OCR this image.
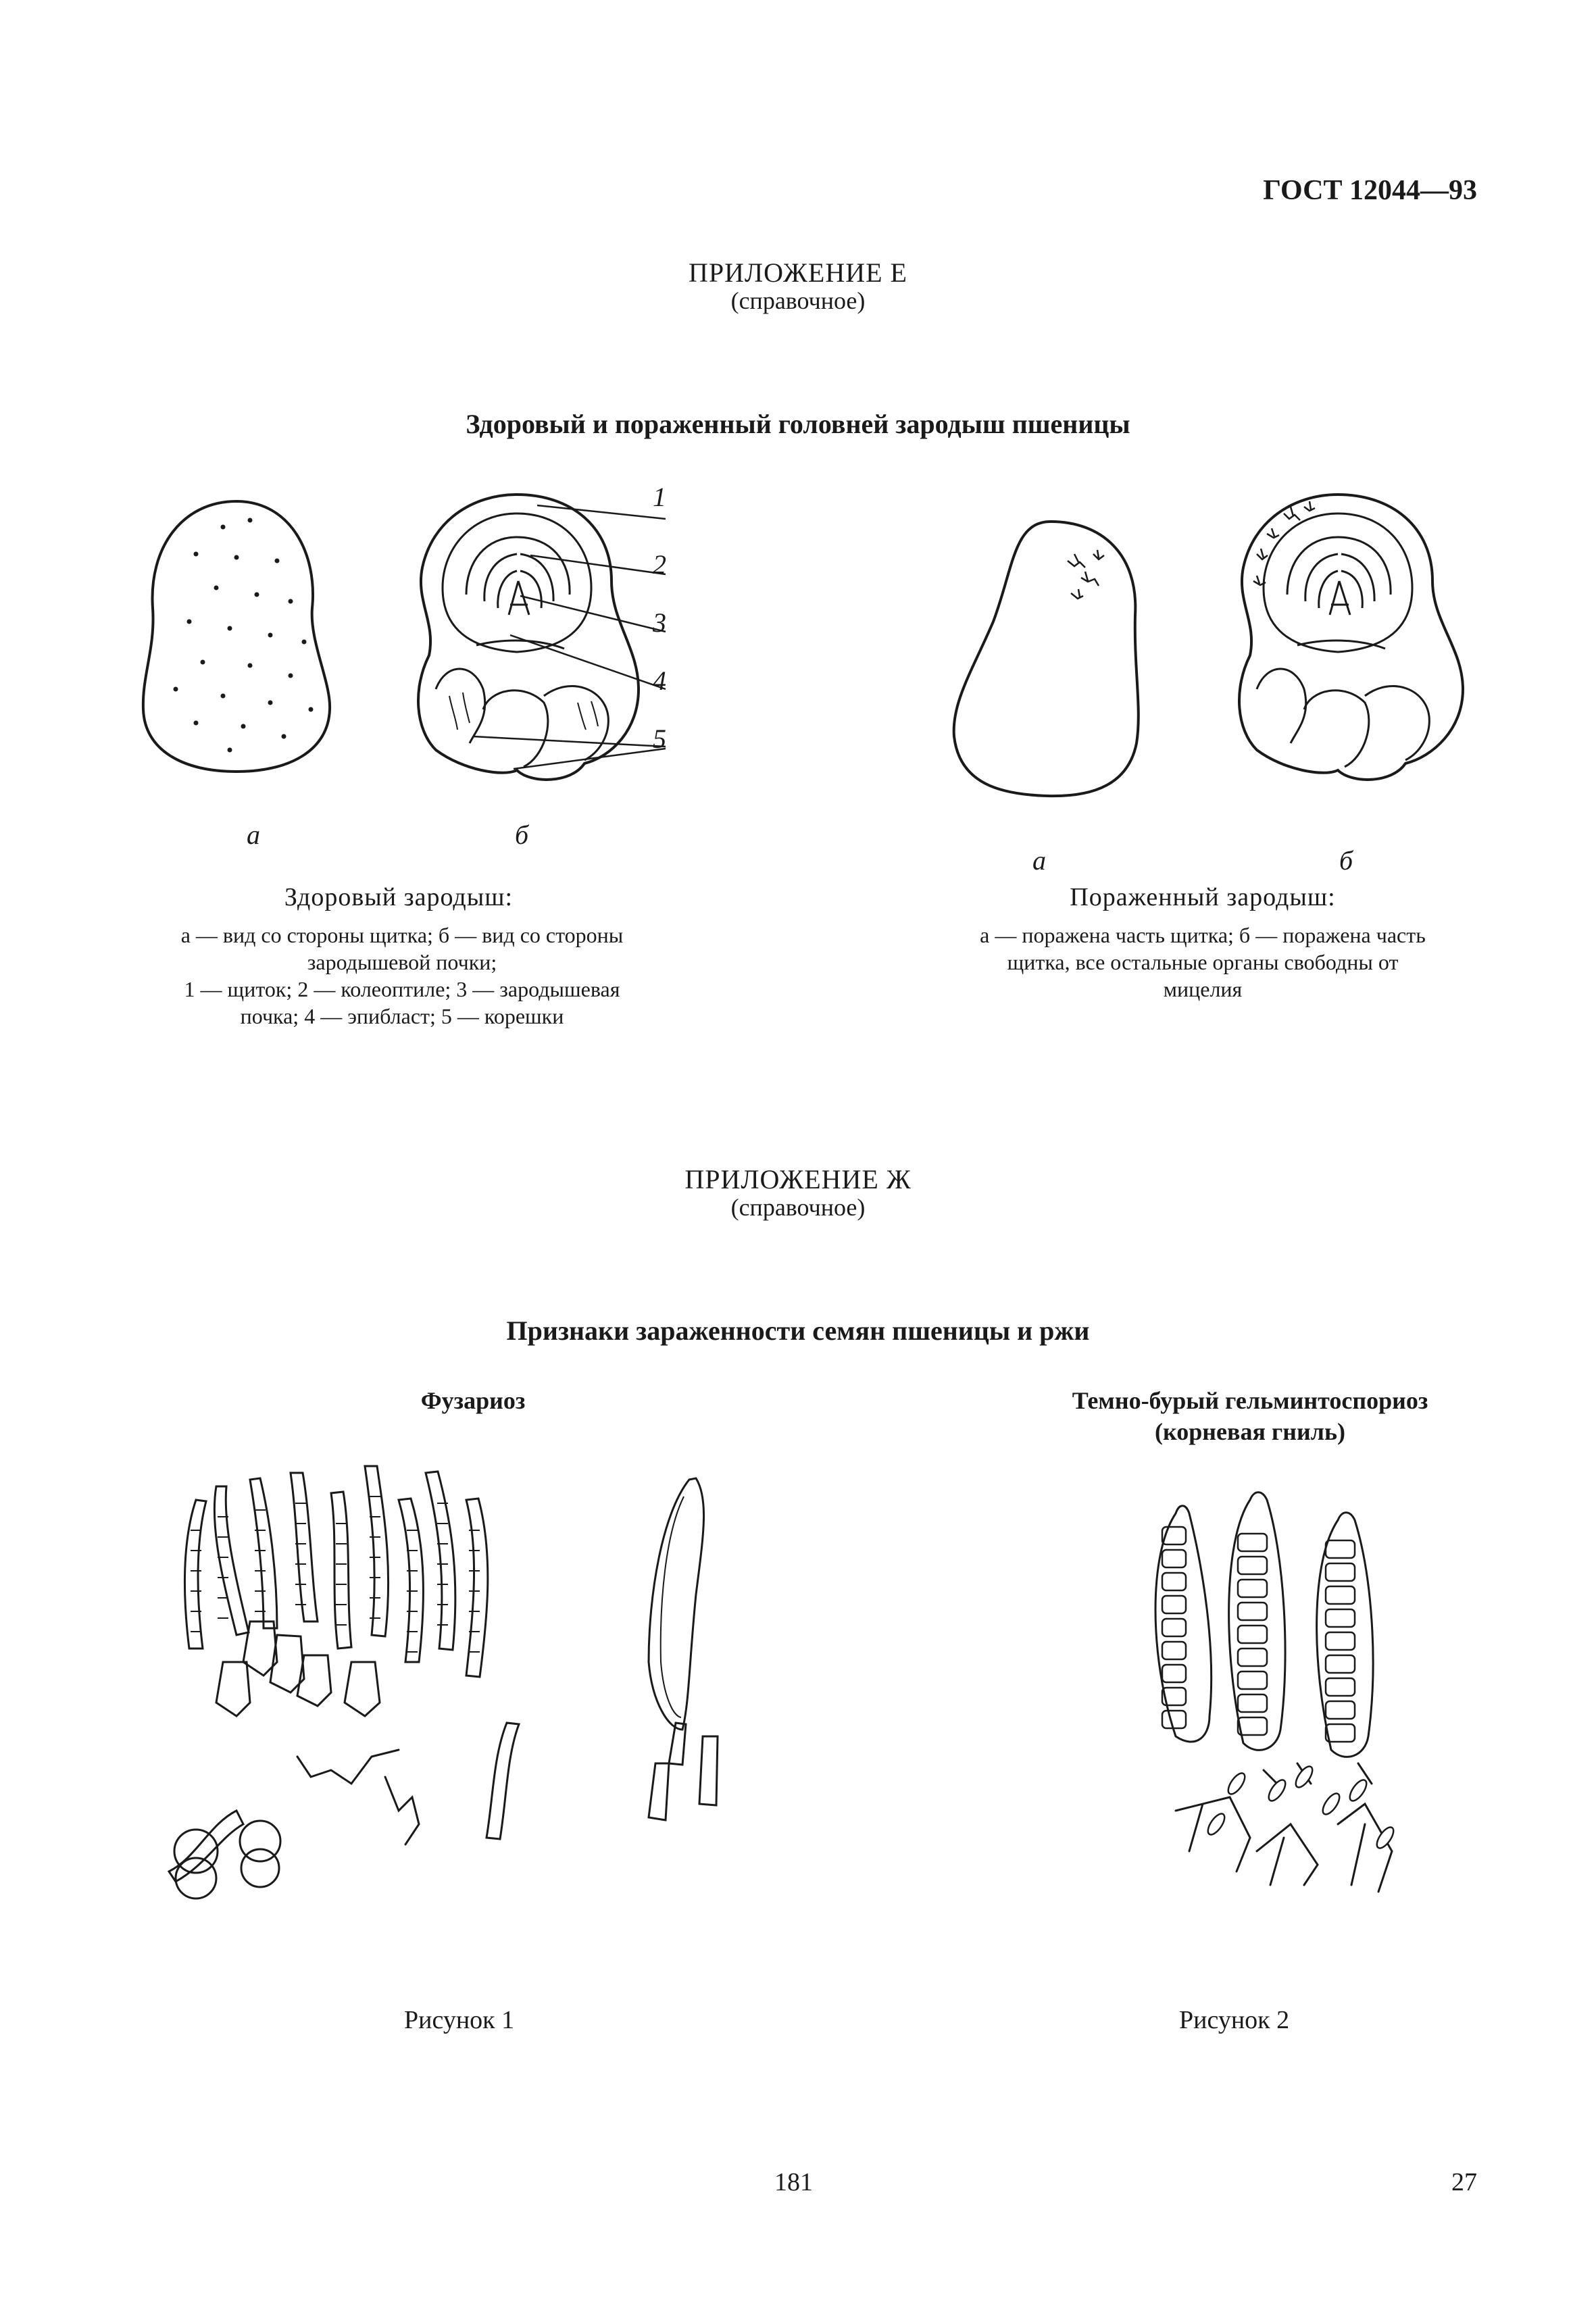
ГОСТ 12044—93
ПРИЛОЖЕНИЕ Е
(справочное)
Здоровый и пораженный головней зародыш пшеницы
1
2
3
4
5
а	б
а	б
Здоровый зародыш:
а — вид со стороны щитка; б — вид со стороны
зародышевой почки;
1 — щиток; 2 — колеоптиле; 3 — зародышевая
почка; 4 — эпибласт; 5 — корешки
Пораженный зародыш:
а — поражена часть щитка; б — поражена часть
щитка, все остальные органы свободны от
мицелия
ПРИЛОЖЕНИЕ Ж
(справочное)
Признаки зараженности семян пшеницы и ржи
Фузариоз	Темно-бурый гельминтоспориоз
(корневая гниль)
Рисунок 1	Рисунок 2
181	27
